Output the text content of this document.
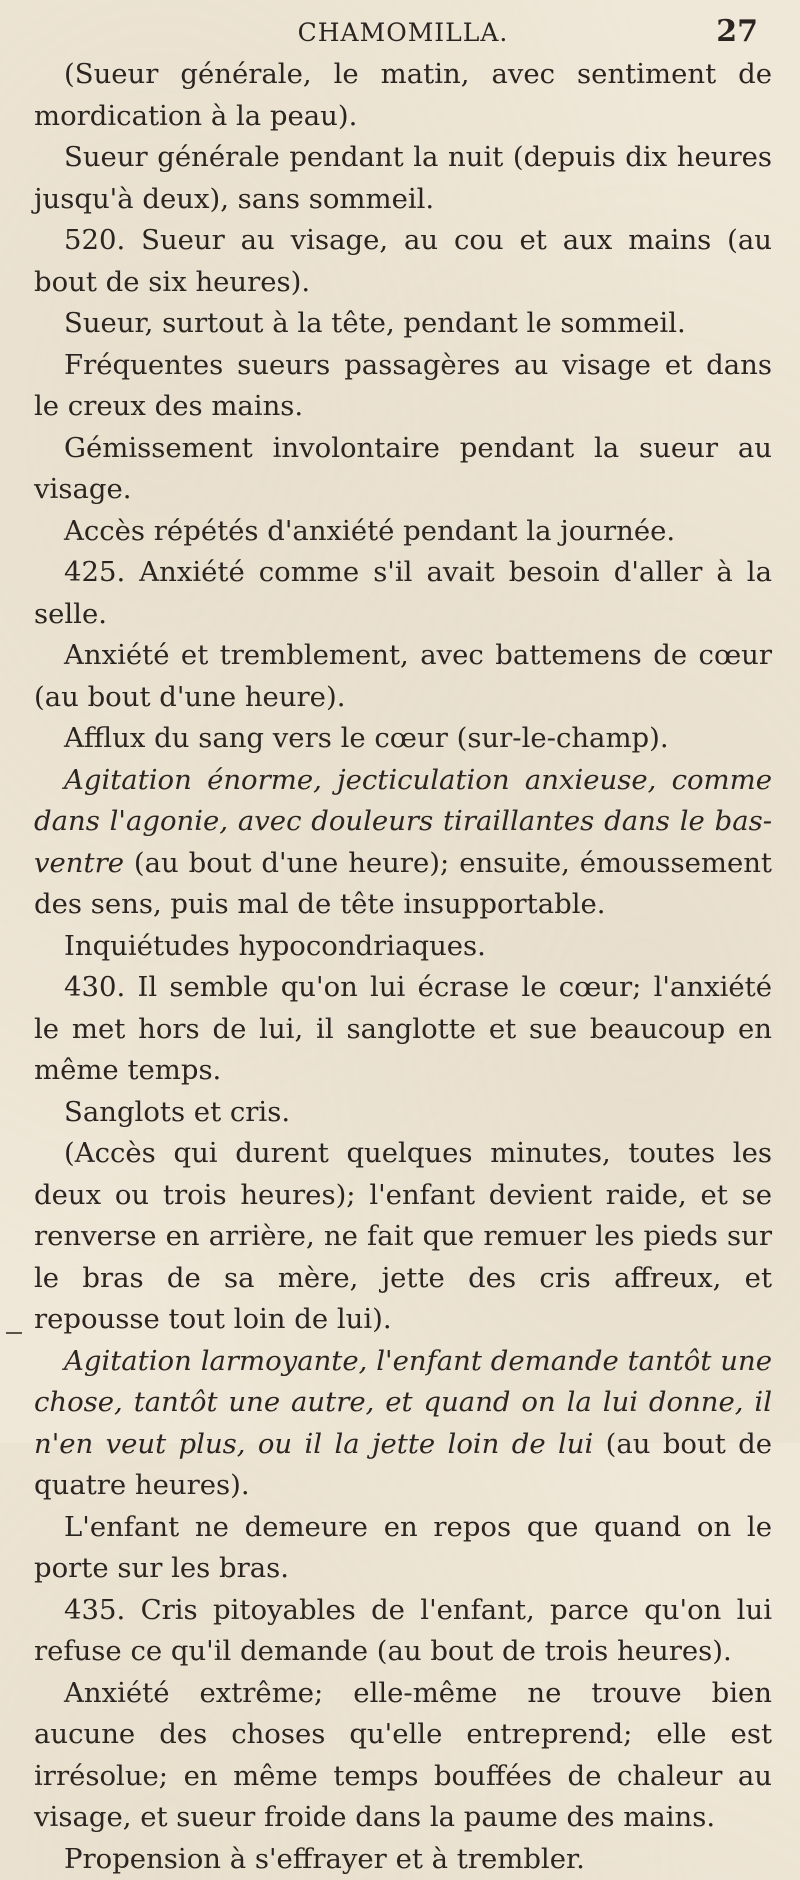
CHAMOMILLA.	27

(Sueur générale, le matin, avec sentiment de mordication à la peau).

Sueur générale pendant la nuit (depuis dix heures jusqu'à deux), sans sommeil.

520. Sueur au visage, au cou et aux mains (au bout de six heures).

Sueur, surtout à la tête, pendant le sommeil.

Fréquentes sueurs passagères au visage et dans le creux des mains.

Gémissement involontaire pendant la sueur au visage.

Accès répétés d'anxiété pendant la journée.

425. Anxiété comme s'il avait besoin d'aller à la selle.

Anxiété et tremblement, avec battemens de cœur (au bout d'une heure).

Afflux du sang vers le cœur (sur-le-champ).

Agitation énorme, jecticulation anxieuse, comme dans l'agonie, avec douleurs tiraillantes dans le bas-ventre (au bout d'une heure); ensuite, émoussement des sens, puis mal de tête insupportable.

Inquiétudes hypocondriaques.

430. Il semble qu'on lui écrase le cœur; l'anxiété le met hors de lui, il sanglotte et sue beaucoup en même temps.

Sanglots et cris.

(Accès qui durent quelques minutes, toutes les deux ou trois heures); l'enfant devient raide, et se renverse en arrière, ne fait que remuer les pieds sur le bras de sa mère, jette des cris affreux, et repousse tout loin de lui).

Agitation larmoyante, l'enfant demande tantôt une chose, tantôt une autre, et quand on la lui donne, il n'en veut plus, ou il la jette loin de lui (au bout de quatre heures).

L'enfant ne demeure en repos que quand on le porte sur les bras.

435. Cris pitoyables de l'enfant, parce qu'on lui refuse ce qu'il demande (au bout de trois heures).

Anxiété extrême; elle-même ne trouve bien aucune des choses qu'elle entreprend; elle est irrésolue; en même temps bouffées de chaleur au visage, et sueur froide dans la paume des mains.

Propension à s'effrayer et à trembler.
